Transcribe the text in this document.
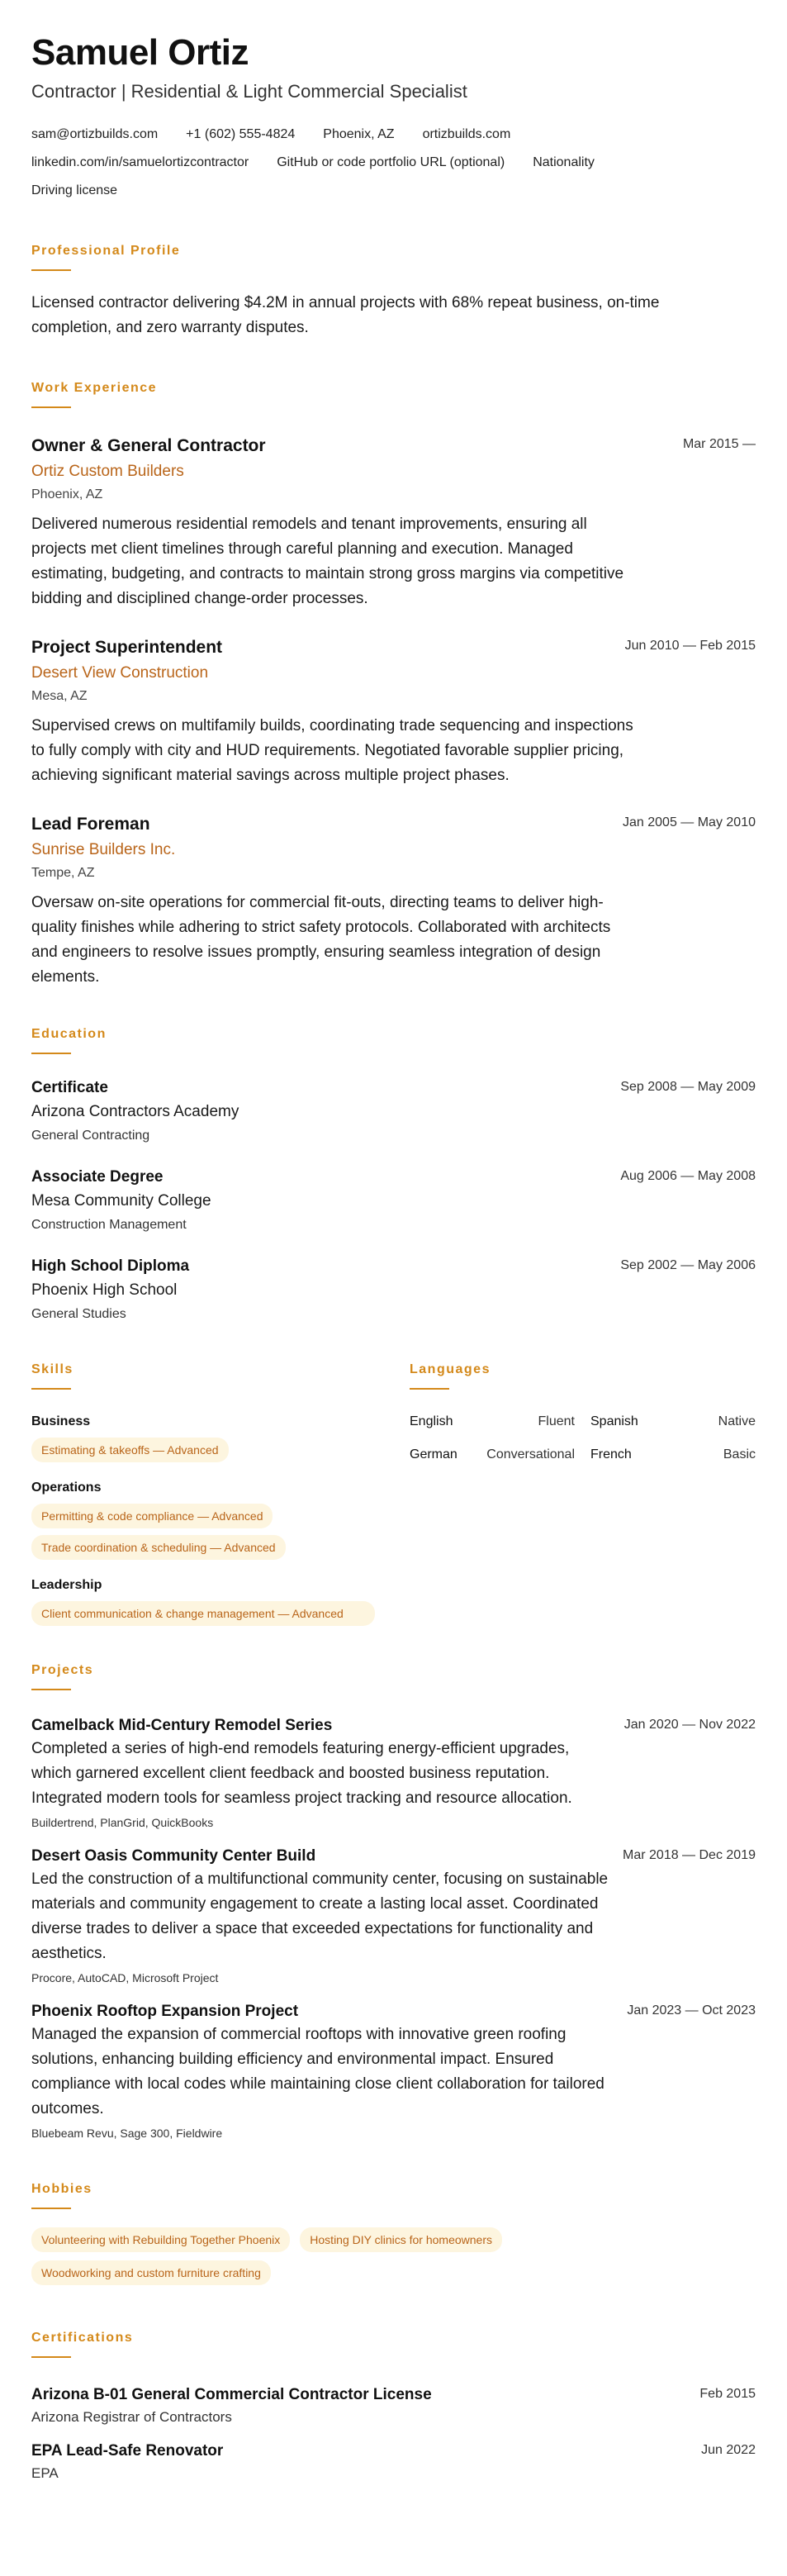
Samuel Ortiz
Contractor | Residential & Light Commercial Specialist
sam@ortizbuilds.com +1 (602) 555-4824 Phoenix, AZ ortizbuilds.com
linkedin.com/in/samuelortizcontractor GitHub or code portfolio URL (optional) Nationality
Driving license
Professional Profile
Licensed contractor delivering $4.2M in annual projects with 68% repeat business, on-time completion, and zero warranty disputes.
Work Experience
Mar 2015 —
Owner & General Contractor
Ortiz Custom Builders
Phoenix, AZ
Delivered numerous residential remodels and tenant improvements, ensuring all projects met client timelines through careful planning and execution. Managed estimating, budgeting, and contracts to maintain strong gross margins via competitive bidding and disciplined change-order processes.
Jun 2010 — Feb 2015
Project Superintendent
Desert View Construction
Mesa, AZ
Supervised crews on multifamily builds, coordinating trade sequencing and inspections to fully comply with city and HUD requirements. Negotiated favorable supplier pricing, achieving significant material savings across multiple project phases.
Jan 2005 — May 2010
Lead Foreman
Sunrise Builders Inc.
Tempe, AZ
Oversaw on-site operations for commercial fit-outs, directing teams to deliver high-quality finishes while adhering to strict safety protocols. Collaborated with architects and engineers to resolve issues promptly, ensuring seamless integration of design elements.
Education
Sep 2008 — May 2009
Certificate
Arizona Contractors Academy
General Contracting
Aug 2006 — May 2008
Associate Degree
Mesa Community College
Construction Management
Sep 2002 — May 2006
High School Diploma
Phoenix High School
General Studies
Skills
Business
Estimating & takeoffs — Advanced
Operations
Permitting & code compliance — Advanced
Trade coordination & scheduling — Advanced
Leadership
Client communication & change management — Advanced
Languages
English	Fluent Spanish	Native
German Conversational French	Basic
Projects
Jan 2020 — Nov 2022
Camelback Mid-Century Remodel Series
Completed a series of high-end remodels featuring energy-efficient upgrades, which garnered excellent client feedback and boosted business reputation. Integrated modern tools for seamless project tracking and resource allocation.
Buildertrend, PlanGrid, QuickBooks
Mar 2018 — Dec 2019
Desert Oasis Community Center Build
Led the construction of a multifunctional community center, focusing on sustainable materials and community engagement to create a lasting local asset. Coordinated diverse trades to deliver a space that exceeded expectations for functionality and aesthetics.
Procore, AutoCAD, Microsoft Project
Jan 2023 — Oct 2023
Phoenix Rooftop Expansion Project
Managed the expansion of commercial rooftops with innovative green roofing solutions, enhancing building efficiency and environmental impact. Ensured compliance with local codes while maintaining close client collaboration for tailored outcomes.
Bluebeam Revu, Sage 300, Fieldwire
Hobbies
Volunteering with Rebuilding Together Phoenix	Hosting DIY clinics for homeowners
Woodworking and custom furniture crafting
Certifications
Feb 2015
Arizona B-01 General Commercial Contractor License
Arizona Registrar of Contractors
Jun 2022
EPA Lead-Safe Renovator
EPA
